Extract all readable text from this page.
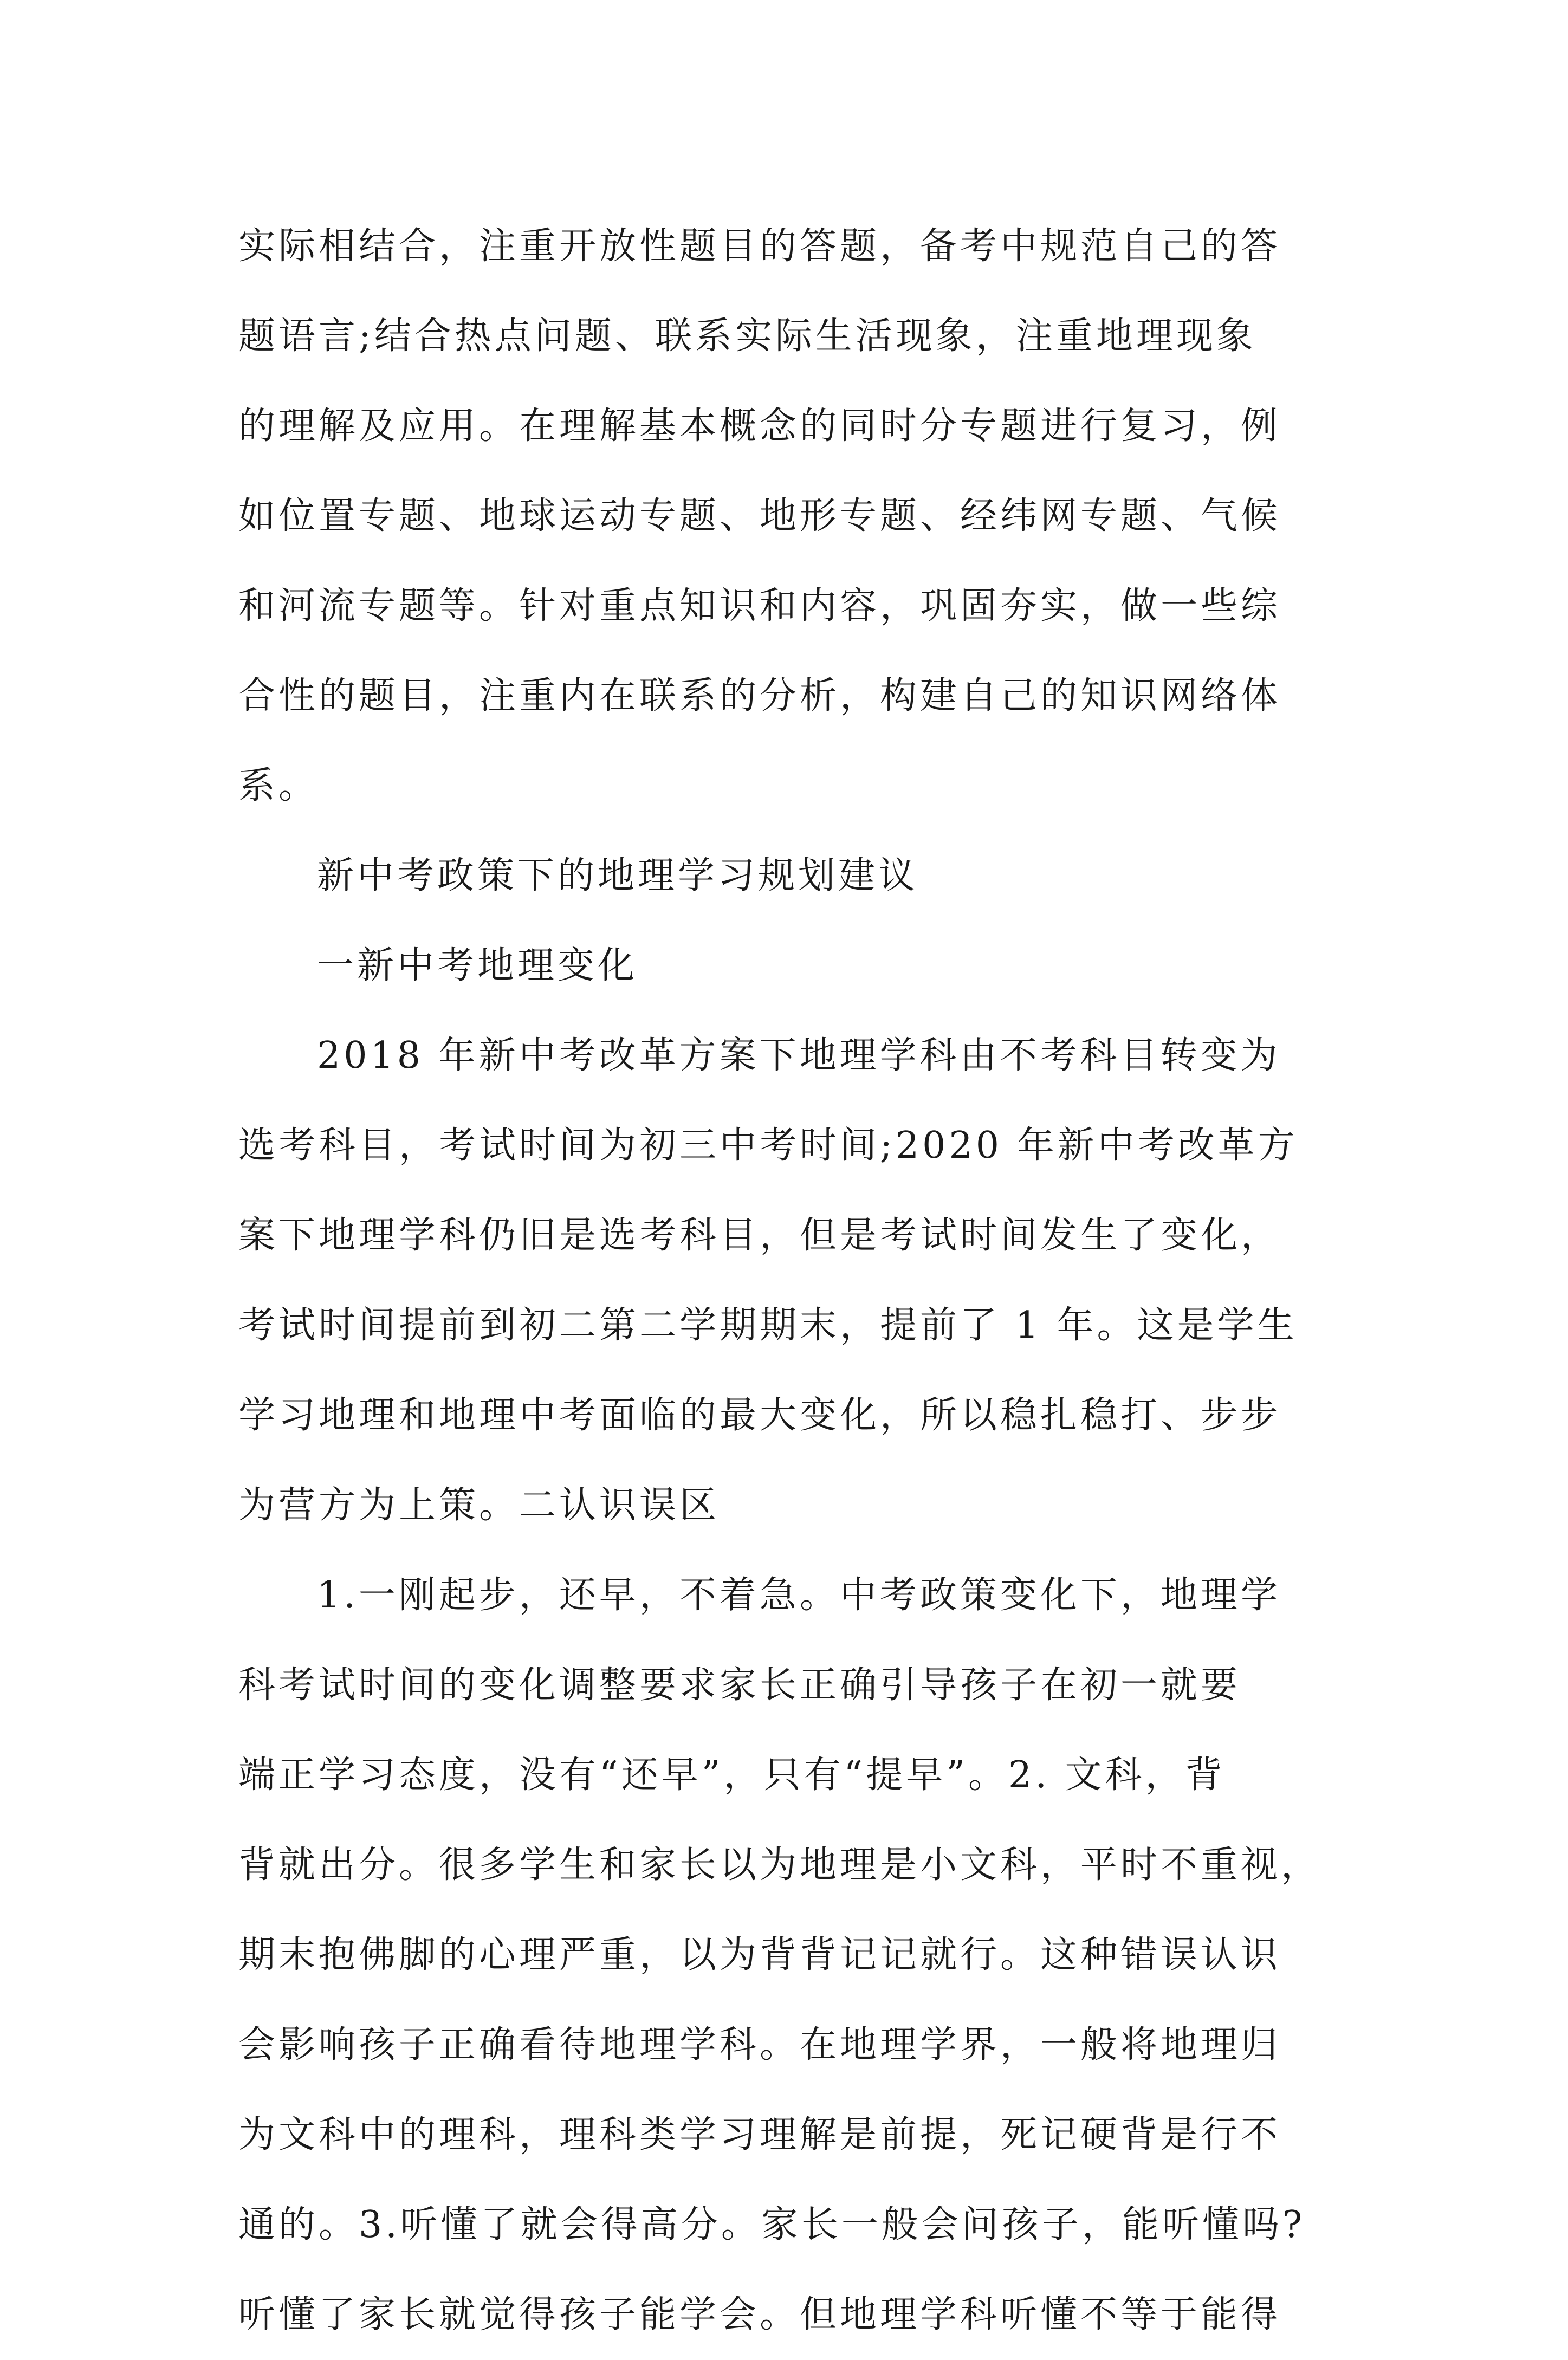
实际相结合，注重开放性题目的答题，备考中规范自己的答
题语言;结合热点问题、联系实际生活现象，注重地理现象
的理解及应用。在理解基本概念的同时分专题进行复习，例
如位置专题、地球运动专题、地形专题、经纬网专题、气候
和河流专题等。针对重点知识和内容，巩固夯实，做一些综
合性的题目，注重内在联系的分析，构建自己的知识网络体
系。
新中考政策下的地理学习规划建议
一新中考地理变化
2018 年新中考改革方案下地理学科由不考科目转变为
选考科目，考试时间为初三中考时间;2020 年新中考改革方
案下地理学科仍旧是选考科目，但是考试时间发生了变化，
考试时间提前到初二第二学期期末，提前了 1 年。这是学生
学习地理和地理中考面临的最大变化，所以稳扎稳打、步步
为营方为上策。二认识误区
1.一刚起步，还早，不着急。中考政策变化下，地理学
科考试时间的变化调整要求家长正确引导孩子在初一就要
端正学习态度，没有“还早”，只有“提早”。2. 文科，背
背就出分。很多学生和家长以为地理是小文科，平时不重视，
期末抱佛脚的心理严重，以为背背记记就行。这种错误认识
会影响孩子正确看待地理学科。在地理学界，一般将地理归
为文科中的理科，理科类学习理解是前提，死记硬背是行不
通的。3.听懂了就会得高分。家长一般会问孩子，能听懂吗?
听懂了家长就觉得孩子能学会。但地理学科听懂不等于能得
